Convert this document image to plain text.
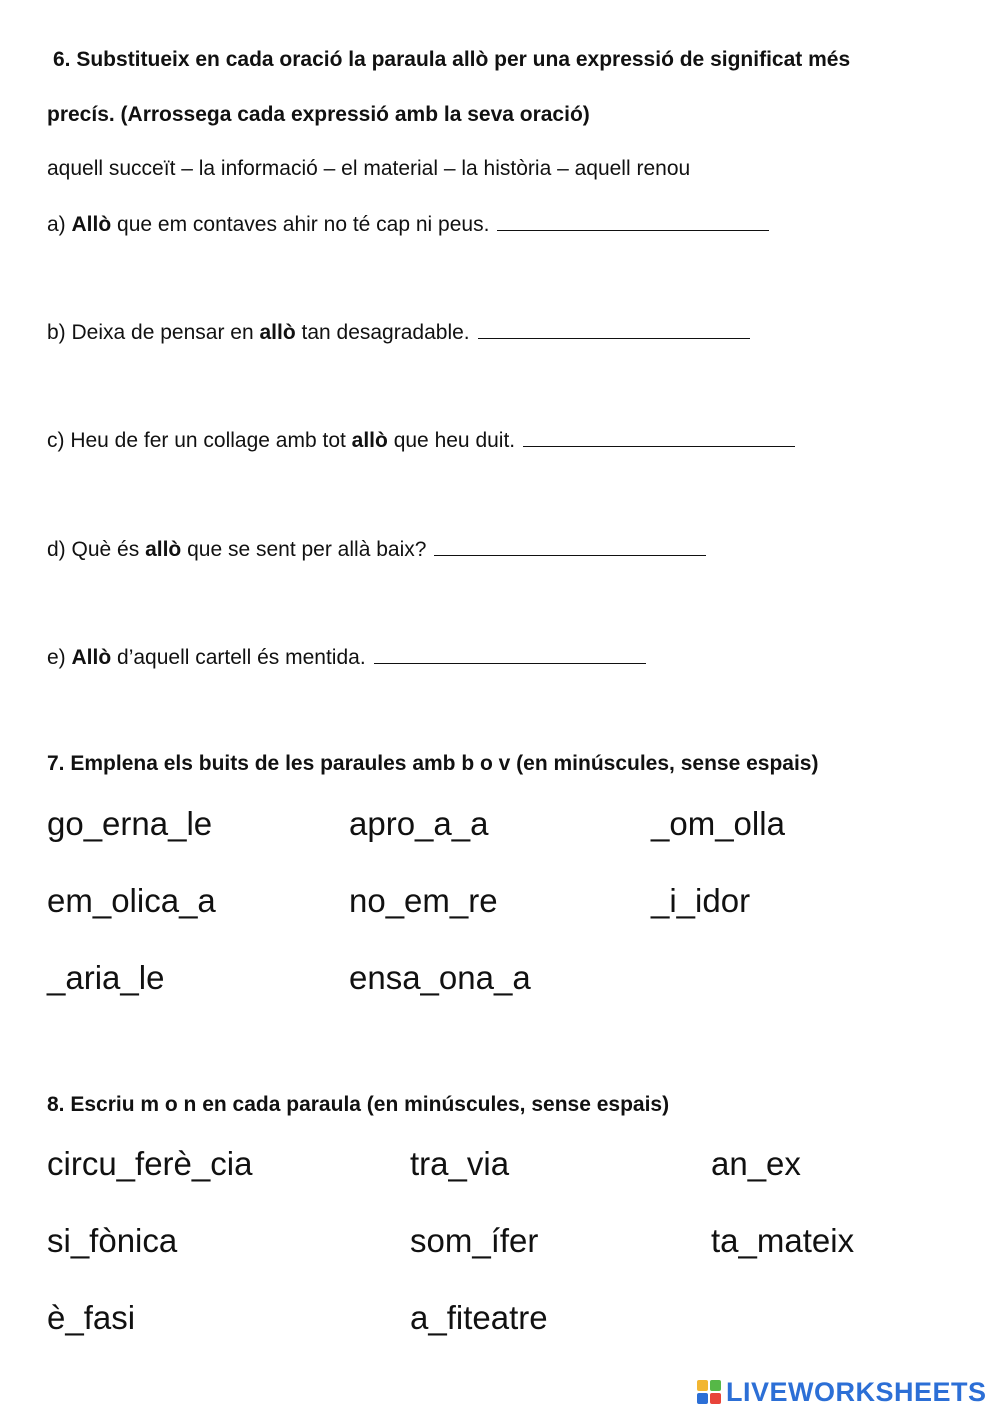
6. Substitueix en cada oració la paraula allò per una expressió de significat més
precís. (Arrossega cada expressió amb la seva oració)
aquell succeït – la informació – el material – la història – aquell renou
a) Allò que em contaves ahir no té cap ni peus.
b) Deixa de pensar en allò tan desagradable.
c) Heu de fer un collage amb tot allò que heu duit.
d) Què és allò que se sent per allà baix?
e) Allò d’aquell cartell és mentida.
7. Emplena els buits de les paraules amb b o v (en minúscules, sense espais)
go_erna_le	apro_a_a	_om_olla
em_olica_a	no_em_re	_i_idor
_aria_le	ensa_ona_a
8. Escriu m o n en cada paraula (en minúscules, sense espais)
circu_ferè_cia	tra_via	an_ex
si_fònica	som_ífer	ta_mateix
è_fasi	a_fiteatre
LIVEWORKSHEETS
